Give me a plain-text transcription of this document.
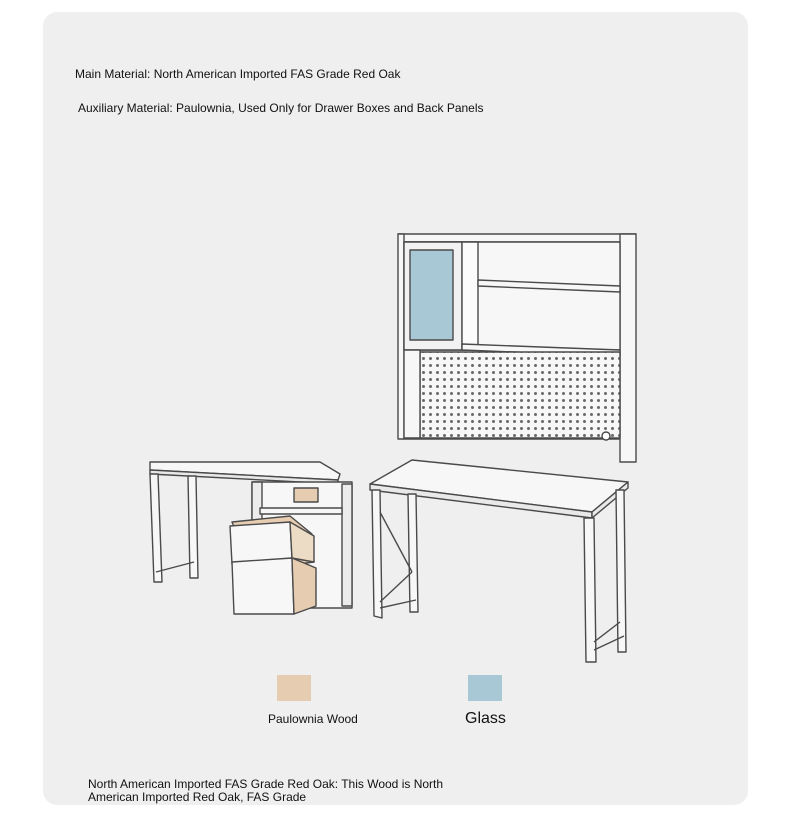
Main Material: North American Imported FAS Grade Red Oak
Auxiliary Material: Paulownia, Used Only for Drawer Boxes and Back Panels
Paulownia Wood	Glass
North American Imported FAS Grade Red Oak: This Wood is North American Imported Red Oak, FAS Grade
